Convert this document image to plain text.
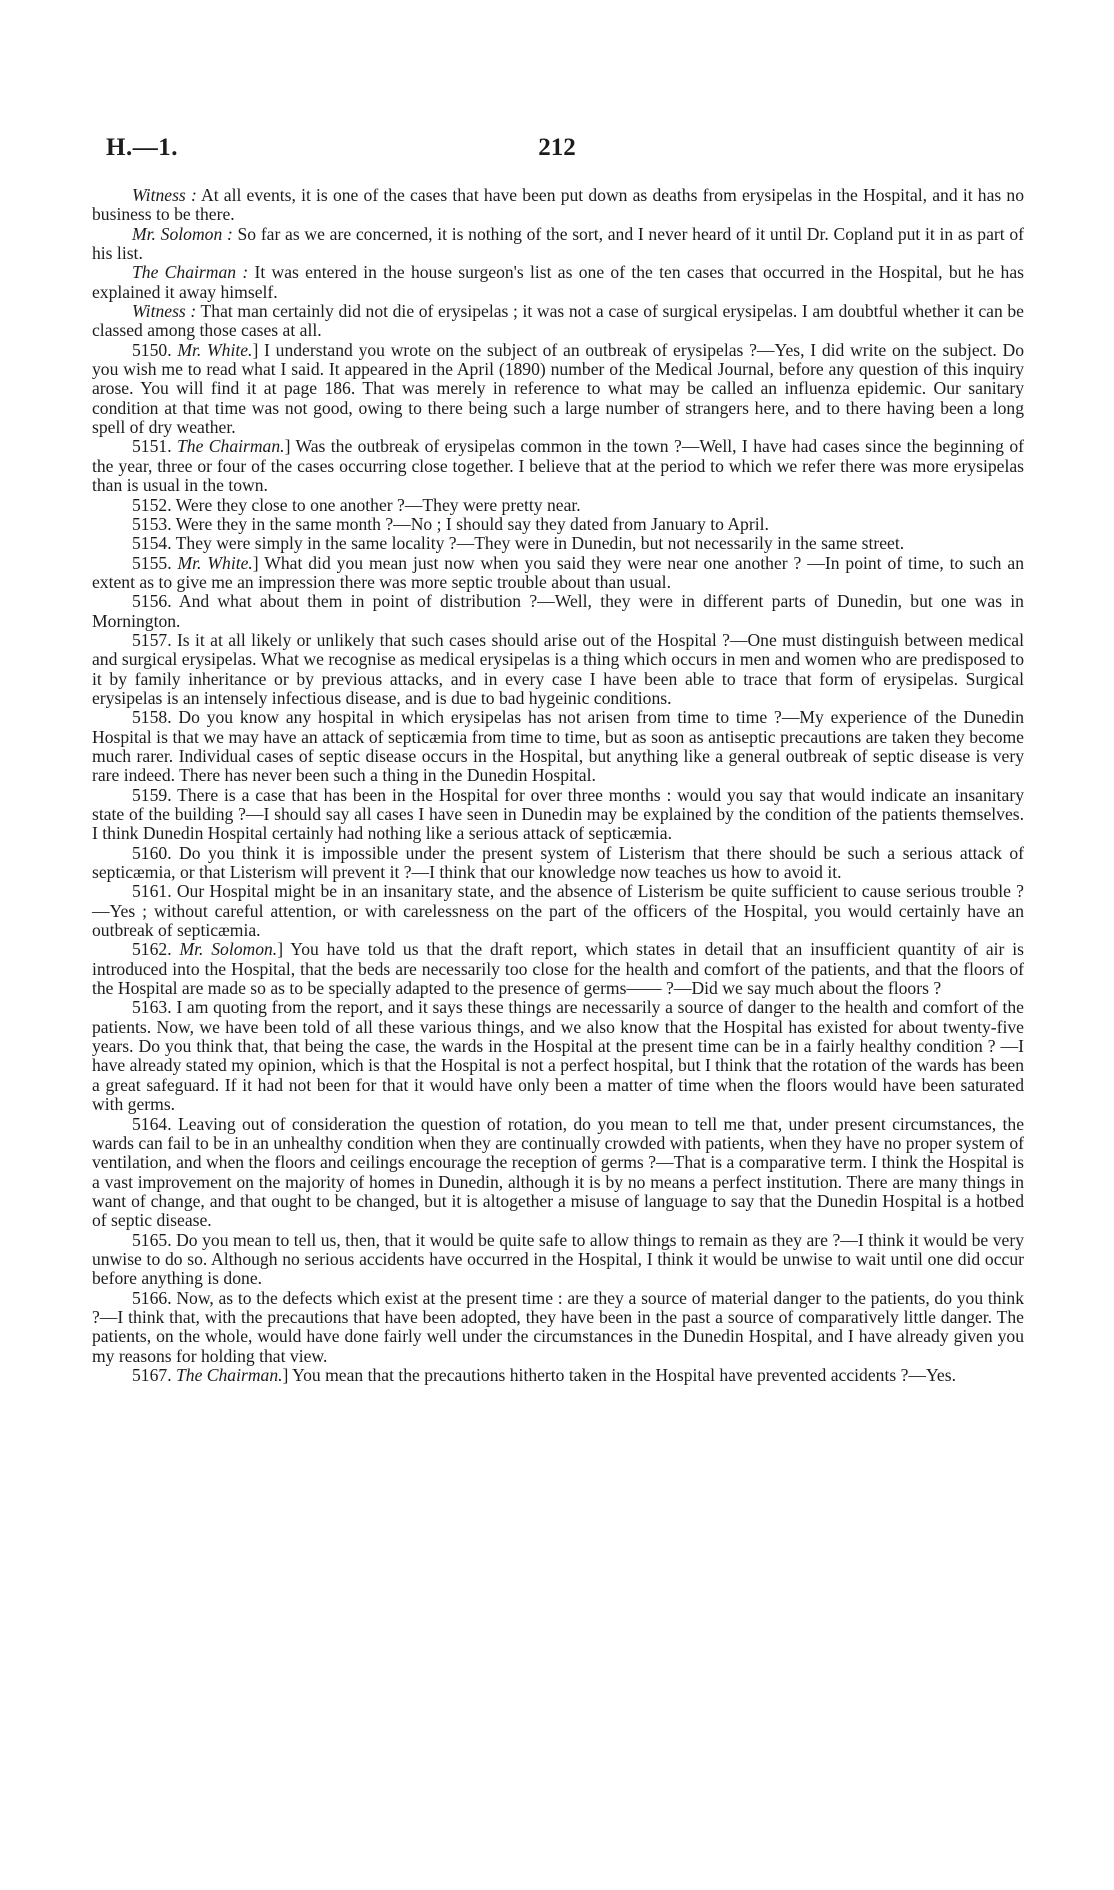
H.—1.	212

Witness : At all events, it is one of the cases that have been put down as deaths from erysipelas in the Hospital, and it has no business to be there.

Mr. Solomon : So far as we are concerned, it is nothing of the sort, and I never heard of it until Dr. Copland put it in as part of his list.

The Chairman : It was entered in the house surgeon's list as one of the ten cases that occurred in the Hospital, but he has explained it away himself.

Witness : That man certainly did not die of erysipelas ; it was not a case of surgical erysipelas. I am doubtful whether it can be classed among those cases at all.

5150. Mr. White.] I understand you wrote on the subject of an outbreak of erysipelas ?—Yes, I did write on the subject. Do you wish me to read what I said. It appeared in the April (1890) number of the Medical Journal, before any question of this inquiry arose. You will find it at page 186. That was merely in reference to what may be called an influenza epidemic. Our sanitary condition at that time was not good, owing to there being such a large number of strangers here, and to there having been a long spell of dry weather.

5151. The Chairman.] Was the outbreak of erysipelas common in the town ?—Well, I have had cases since the beginning of the year, three or four of the cases occurring close together. I believe that at the period to which we refer there was more erysipelas than is usual in the town.

5152. Were they close to one another ?—They were pretty near.

5153. Were they in the same month ?—No ; I should say they dated from January to April.

5154. They were simply in the same locality ?—They were in Dunedin, but not necessarily in the same street.

5155. Mr. White.] What did you mean just now when you said they were near one another ? —In point of time, to such an extent as to give me an impression there was more septic trouble about than usual.

5156. And what about them in point of distribution ?—Well, they were in different parts of Dunedin, but one was in Mornington.

5157. Is it at all likely or unlikely that such cases should arise out of the Hospital ?—One must distinguish between medical and surgical erysipelas. What we recognise as medical erysipelas is a thing which occurs in men and women who are predisposed to it by family inheritance or by previous attacks, and in every case I have been able to trace that form of erysipelas. Surgical erysipelas is an intensely infectious disease, and is due to bad hygeinic conditions.

5158. Do you know any hospital in which erysipelas has not arisen from time to time ?—My experience of the Dunedin Hospital is that we may have an attack of septicæmia from time to time, but as soon as antiseptic precautions are taken they become much rarer. Individual cases of septic disease occurs in the Hospital, but anything like a general outbreak of septic disease is very rare indeed. There has never been such a thing in the Dunedin Hospital.

5159. There is a case that has been in the Hospital for over three months : would you say that would indicate an insanitary state of the building ?—I should say all cases I have seen in Dunedin may be explained by the condition of the patients themselves. I think Dunedin Hospital certainly had nothing like a serious attack of septicæmia.

5160. Do you think it is impossible under the present system of Listerism that there should be such a serious attack of septicæmia, or that Listerism will prevent it ?—I think that our knowledge now teaches us how to avoid it.

5161. Our Hospital might be in an insanitary state, and the absence of Listerism be quite sufficient to cause serious trouble ?—Yes ; without careful attention, or with carelessness on the part of the officers of the Hospital, you would certainly have an outbreak of septicæmia.

5162. Mr. Solomon.] You have told us that the draft report, which states in detail that an insufficient quantity of air is introduced into the Hospital, that the beds are necessarily too close for the health and comfort of the patients, and that the floors of the Hospital are made so as to be specially adapted to the presence of germs—— ?—Did we say much about the floors ?

5163. I am quoting from the report, and it says these things are necessarily a source of danger to the health and comfort of the patients. Now, we have been told of all these various things, and we also know that the Hospital has existed for about twenty-five years. Do you think that, that being the case, the wards in the Hospital at the present time can be in a fairly healthy condition ? —I have already stated my opinion, which is that the Hospital is not a perfect hospital, but I think that the rotation of the wards has been a great safeguard. If it had not been for that it would have only been a matter of time when the floors would have been saturated with germs.

5164. Leaving out of consideration the question of rotation, do you mean to tell me that, under present circumstances, the wards can fail to be in an unhealthy condition when they are continually crowded with patients, when they have no proper system of ventilation, and when the floors and ceilings encourage the reception of germs ?—That is a comparative term. I think the Hospital is a vast improvement on the majority of homes in Dunedin, although it is by no means a perfect institution. There are many things in want of change, and that ought to be changed, but it is altogether a misuse of language to say that the Dunedin Hospital is a hotbed of septic disease.

5165. Do you mean to tell us, then, that it would be quite safe to allow things to remain as they are ?—I think it would be very unwise to do so. Although no serious accidents have occurred in the Hospital, I think it would be unwise to wait until one did occur before anything is done.

5166. Now, as to the defects which exist at the present time : are they a source of material danger to the patients, do you think ?—I think that, with the precautions that have been adopted, they have been in the past a source of comparatively little danger. The patients, on the whole, would have done fairly well under the circumstances in the Dunedin Hospital, and I have already given you my reasons for holding that view.

5167. The Chairman.] You mean that the precautions hitherto taken in the Hospital have prevented accidents ?—Yes.
